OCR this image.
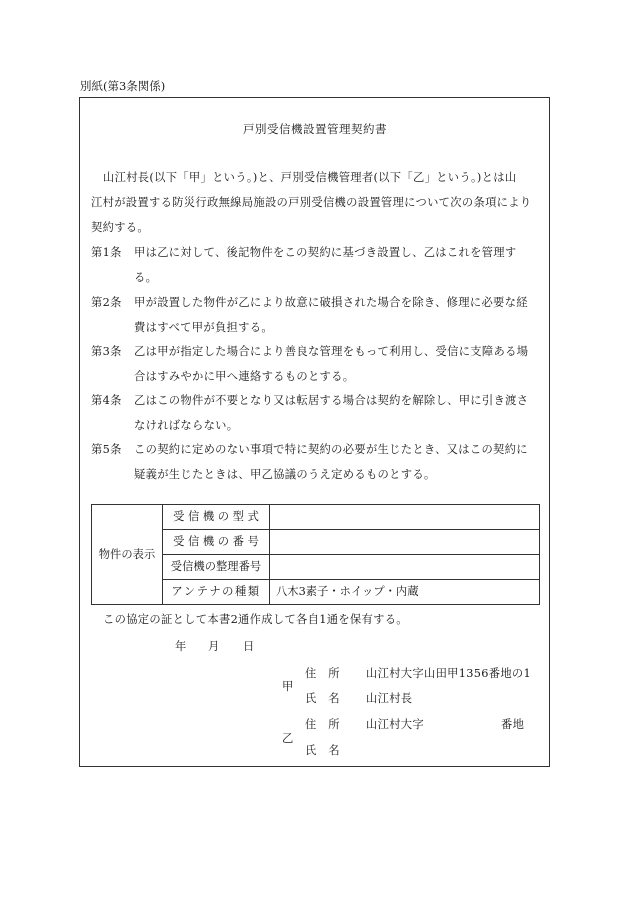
別紙(第3条関係)
戸別受信機設置管理契約書
山江村長(以下「甲」という。)と、戸別受信機管理者(以下「乙」という。)とは山
江村が設置する防災行政無線局施設の戸別受信機の設置管理について次の条項により
契約する。
第1条 甲は乙に対して、後記物件をこの契約に基づき設置し、乙はこれを管理す
る。
第2条 甲が設置した物件が乙により故意に破損された場合を除き、修理に必要な経
費はすべて甲が負担する。
第3条 乙は甲が指定した場合により善良な管理をもって利用し、受信に支障ある場
合はすみやかに甲へ連絡するものとする。
第4条 乙はこの物件が不要となり又は転居する場合は契約を解除し、甲に引き渡さ
なければならない。
第5条 この契約に定めのない事項で特に契約の必要が生じたとき、又はこの契約に
疑義が生じたときは、甲乙協議のうえ定めるものとする。
物件の表示
受 信 機 の 型 式
受 信 機 の 番 号
受信機の整理番号
アンテナの種類	八木3素子・ホイップ・内蔵
この協定の証として本書2通作成して各自1通を保有する。
年 月 日
甲
住　所 山江村大字山田甲1356番地の1
氏　名 山江村長
乙
住　所 山江村大字	番地
氏　名
